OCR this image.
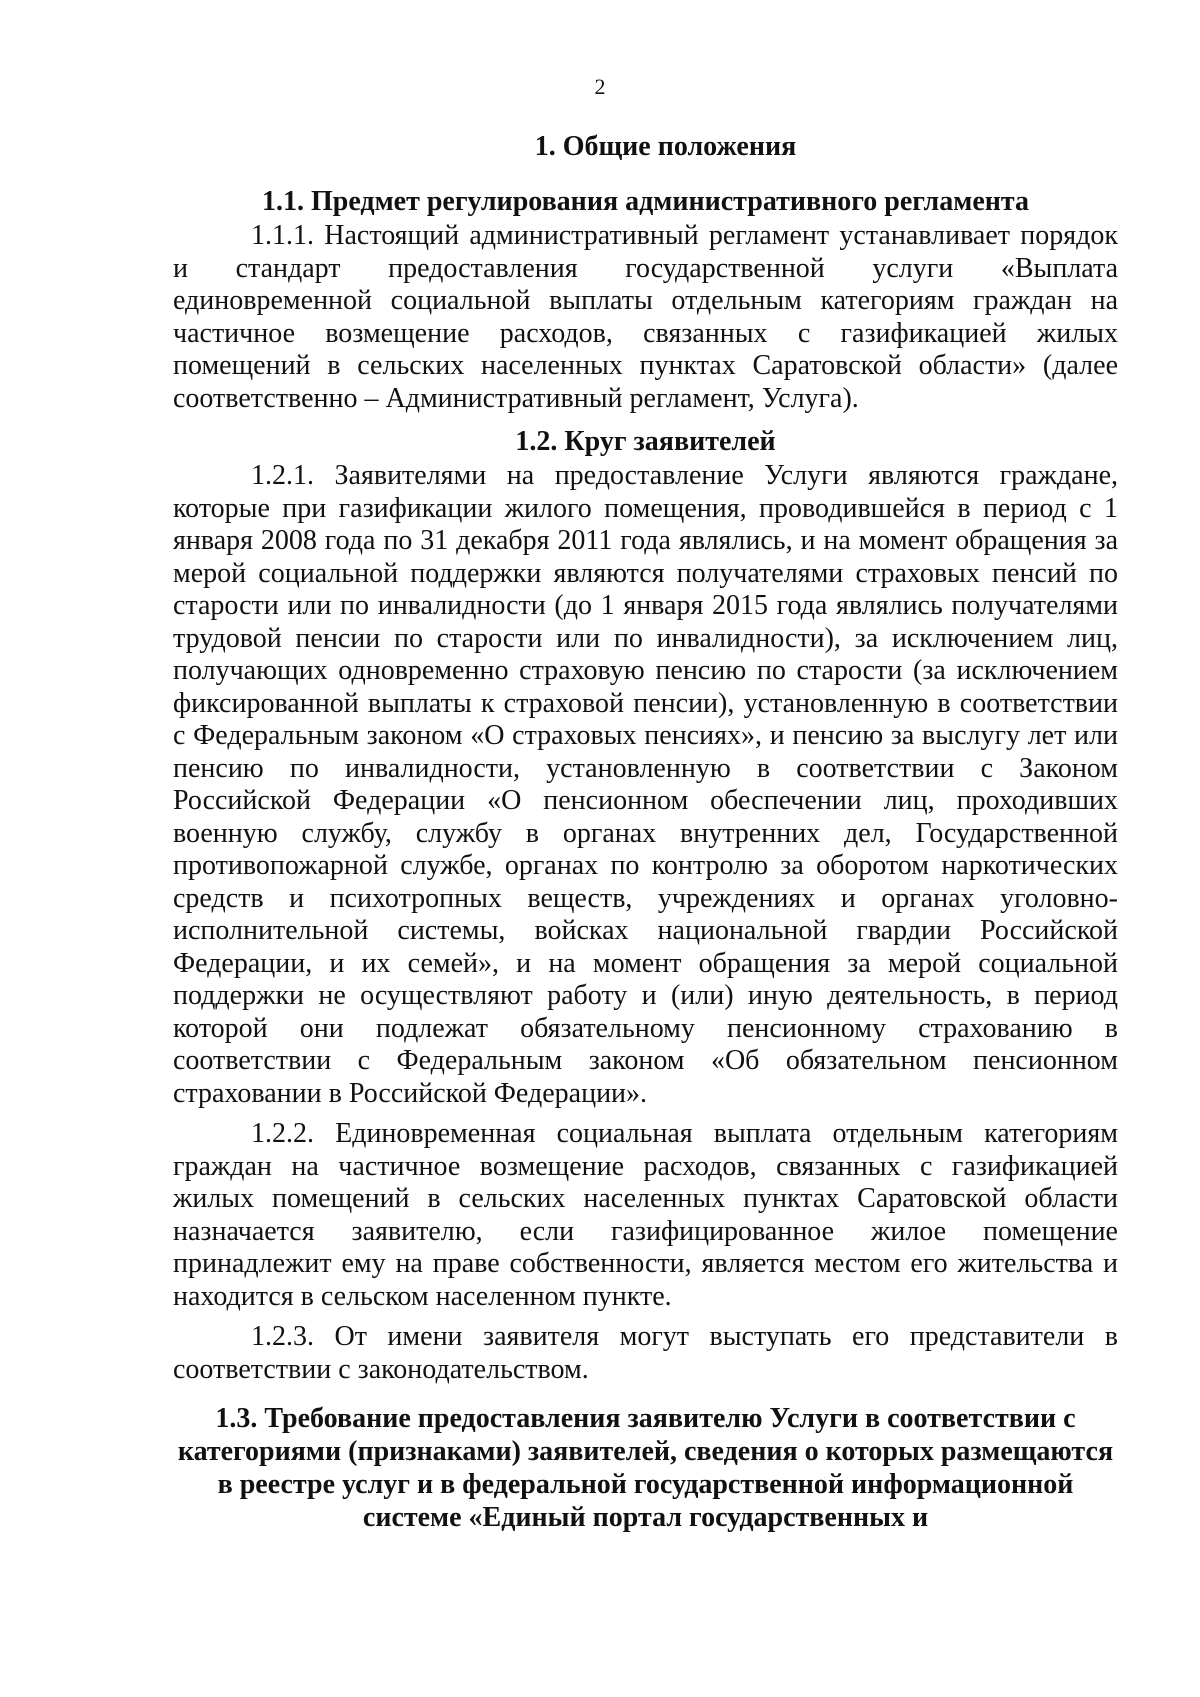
2
1. Общие положения
1.1. Предмет регулирования административного регламента

1.1.1. Настоящий административный регламент устанавливает порядок и стандарт предоставления государственной услуги «Выплата единовременной социальной выплаты отдельным категориям граждан на частичное возмещение расходов, связанных с газификацией жилых помещений в сельских населенных пунктах Саратовской области» (далее соответственно – Административный регламент, Услуга).

1.2. Круг заявителей

1.2.1. Заявителями на предоставление Услуги являются граждане, которые при газификации жилого помещения, проводившейся в период с 1 января 2008 года по 31 декабря 2011 года являлись, и на момент обращения за мерой социальной поддержки являются получателями страховых пенсий по старости или по инвалидности (до 1 января 2015 года являлись получателями трудовой пенсии по старости или по инвалидности), за исключением лиц, получающих одновременно страховую пенсию по старости (за исключением фиксированной выплаты к страховой пенсии), установленную в соответствии с Федеральным законом «О страховых пенсиях», и пенсию за выслугу лет или пенсию по инвалидности, установленную в соответствии с Законом Российской Федерации «О пенсионном обеспечении лиц, проходивших военную службу, службу в органах внутренних дел, Государственной противопожарной службе, органах по контролю за оборотом наркотических средств и психотропных веществ, учреждениях и органах уголовно-исполнительной системы, войсках национальной гвардии Российской Федерации, и их семей», и на момент обращения за мерой социальной поддержки не осуществляют работу и (или) иную деятельность, в период которой они подлежат обязательному пенсионному страхованию в соответствии с Федеральным законом «Об обязательном пенсионном страховании в Российской Федерации».

1.2.2. Единовременная социальная выплата отдельным категориям граждан на частичное возмещение расходов, связанных с газификацией жилых помещений в сельских населенных пунктах Саратовской области назначается заявителю, если газифицированное жилое помещение принадлежит ему на праве собственности, является местом его жительства и находится в сельском населенном пункте.

1.2.3. От имени заявителя могут выступать его представители в соответствии с законодательством.

1.3. Требование предоставления заявителю Услуги в соответствии с категориями (признаками) заявителей, сведения о которых размещаются в реестре услуг и в федеральной государственной информационной системе «Единый портал государственных и
